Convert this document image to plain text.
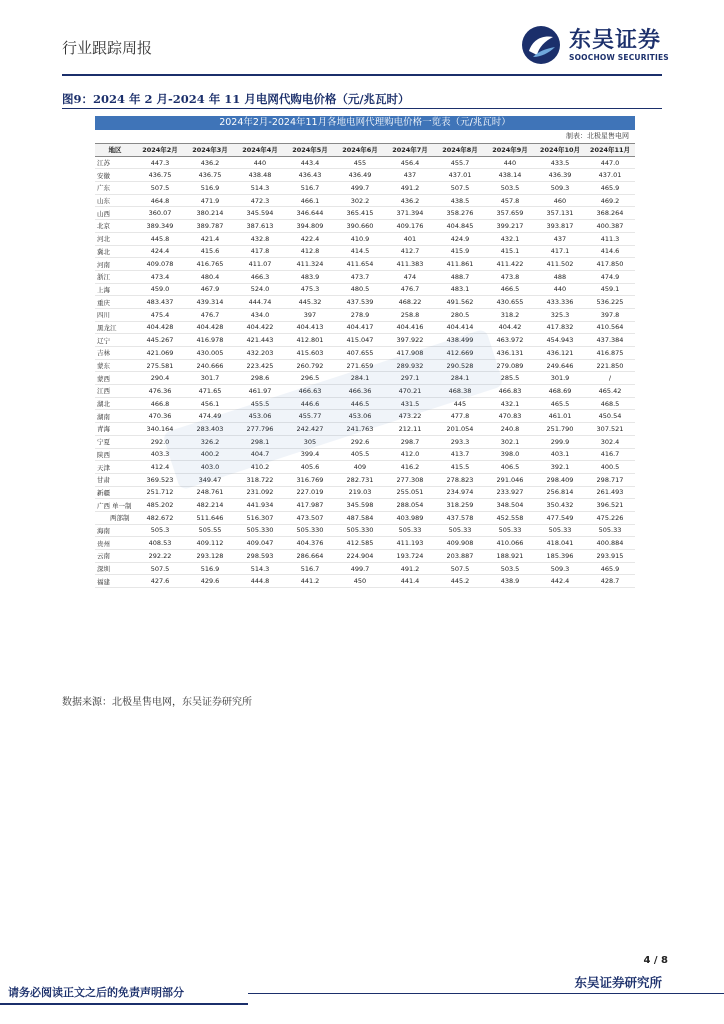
行业跟踪周报	东吴证券
SOOCHOW SECURITIES
图9：2024 年 2 月-2024 年 11 月电网代购电价格（元/兆瓦时）
2024年2月-2024年11月各地电网代理购电价格一览表（元/兆瓦时）
制表：北极星售电网
地区	2024年2月	2024年3月	2024年4月	2024年5月	2024年6月	2024年7月	2024年8月	2024年9月	2024年10月	2024年11月
江苏	447.3	436.2	440	443.4	455	456.4	455.7	440	433.5	447.0
安徽	436.75	436.75	438.48	436.43	436.49	437	437.01	438.14	436.39	437.01
广东	507.5	516.9	514.3	516.7	499.7	491.2	507.5	503.5	509.3	465.9
山东	464.8	471.9	472.3	466.1	302.2	436.2	438.5	457.8	460	469.2
山西	360.07	380.214	345.594	346.644	365.415	371.394	358.276	357.659	357.131	368.264
北京	389.349	389.787	387.613	394.809	390.660	409.176	404.845	399.217	393.817	400.387
河北	445.8	421.4	432.8	422.4	410.9	401	424.9	432.1	437	411.3
冀北	424.4	415.6	417.8	412.8	414.5	412.7	415.9	415.1	417.1	414.6
河南	409.078	416.765	411.07	411.324	411.654	411.383	411.861	411.422	411.502	417.850
浙江	473.4	480.4	466.3	483.9	473.7	474	488.7	473.8	488	474.9
上海	459.0	467.9	524.0	475.3	480.5	476.7	483.1	466.5	440	459.1
重庆	483.437	439.314	444.74	445.32	437.539	468.22	491.562	430.655	433.336	536.225
四川	475.4	476.7	434.0	397	278.9	258.8	280.5	318.2	325.3	397.8
黑龙江	404.428	404.428	404.422	404.413	404.417	404.416	404.414	404.42	417.832	410.564
辽宁	445.267	416.978	421.443	412.801	415.047	397.922	438.499	463.972	454.943	437.384
吉林	421.069	430.005	432.203	415.603	407.655	417.908	412.669	436.131	436.121	416.875
蒙东	275.581	240.666	223.425	260.792	271.659	289.932	290.528	279.089	249.646	221.850
蒙西	290.4	301.7	298.6	296.5	284.1	297.1	284.1	285.5	301.9	/
江西	476.36	471.65	461.97	466.63	466.36	470.21	468.38	466.83	468.69	465.42
湖北	466.8	456.1	455.5	446.6	446.5	431.5	445	432.1	465.5	468.5
湖南	470.36	474.49	453.06	455.77	453.06	473.22	477.8	470.83	461.01	450.54
青海	340.164	283.403	277.796	242.427	241.763	212.11	201.054	240.8	251.790	307.521
宁夏	292.0	326.2	298.1	305	292.6	298.7	293.3	302.1	299.9	302.4
陕西	403.3	400.2	404.7	399.4	405.5	412.0	413.7	398.0	403.1	416.7
天津	412.4	403.0	410.2	405.6	409	416.2	415.5	406.5	392.1	400.5
甘肃	369.523	349.47	318.722	316.769	282.731	277.308	278.823	291.046	298.409	298.717
新疆	251.712	248.761	231.092	227.019	219.03	255.051	234.974	233.927	256.814	261.493
广西 单一制	485.202	482.214	441.934	417.987	345.598	288.054	318.259	348.504	350.432	396.521
两部制	482.672	511.646	516.307	473.507	487.584	403.989	437.578	452.558	477.549	475.226
海南	505.3	505.55	505.330	505.330	505.330	505.33	505.33	505.33	505.33	505.33
贵州	408.53	409.112	409.047	404.376	412.585	411.193	409.908	410.066	418.041	400.884
云南	292.22	293.128	298.593	286.664	224.904	193.724	203.887	188.921	185.396	293.915
深圳	507.5	516.9	514.3	516.7	499.7	491.2	507.5	503.5	509.3	465.9
福建	427.6	429.6	444.8	441.2	450	441.4	445.2	438.9	442.4	428.7
数据来源：北极星售电网，东吴证券研究所
4 / 8
东吴证券研究所
请务必阅读正文之后的免责声明部分
